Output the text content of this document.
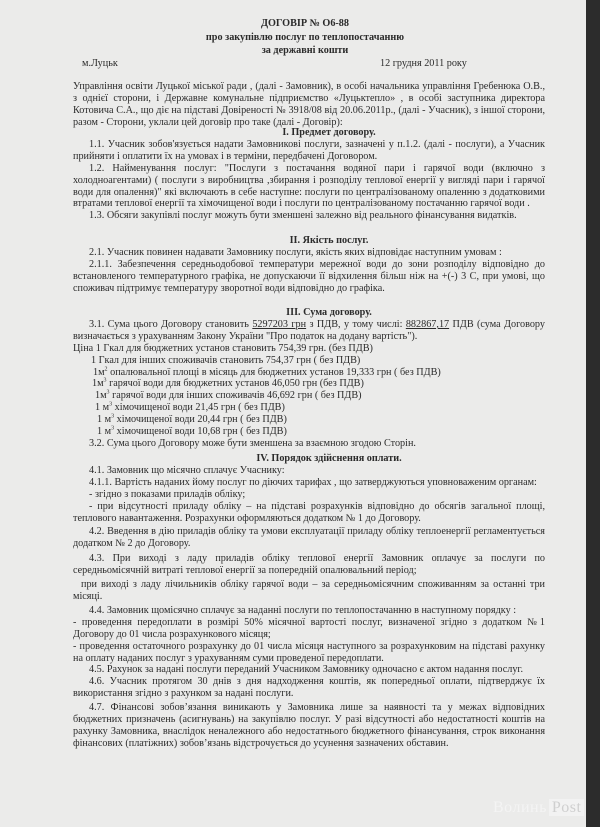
ДОГОВІР № О6-88
про закупівлю послуг по теплопостачанню
за державні кошти
м.Луцьк	12 грудня 2011 року

Управління освіти Луцької міської ради , (далі - Замовник), в особі начальника управління Гребенюка О.В., з однієї сторони, і Державне комунальне підприємство «Луцьктепло» , в особі заступника директора Котовича С.А., що діє на підставі Довіреності № 3918/08 від 20.06.2011р., (далі - Учасник), з іншої сторони, разом - Сторони, уклали цей договір про таке (далі - Договір):

І. Предмет договору.

1.1. Учасник зобов'язується надати Замовникові послуги, зазначені у п.1.2. (далі - послуги), а Учасник прийняти і оплатити їх на умовах і в терміни, передбачені Договором.

1.2. Найменування послуг: "Послуги з постачання водяної пари і гарячої води (включно з холодноагентами) ( послуги з виробництва ,збирання і розподілу теплової енергії у вигляді пари і гарячої води для опалення)" які включають в себе наступне: послуги по централізованому опаленню з додатковими втратами теплової енергії та хімочищеної води і послуги по централізованому постачанню гарячої води .

1.3. Обсяги закупівлі послуг можуть бути зменшені залежно від реального фінансування видатків.

ІІ. Якість послуг.

2.1. Учасник повинен надавати Замовнику послуги, якість яких відповідає наступним умовам :

2.1.1. Забезпечення середньодобової температури мережної води до зони розподілу відповідно до встановленого температурного графіка, не допускаючи її відхилення більш ніж на +(-) 3 С, при умові, що споживач підтримує температуру зворотної води відповідно до графіка.

ІІІ. Сума договору.

3.1. Сума цього Договору становить 5297203 грн з ПДВ, у тому числі: 882867,17 ПДВ (сума Договору визначається з урахуванням Закону України "Про податок на додану вартість").

Ціна 1 Гкал для бюджетних установ становить 754,39 грн. (без ПДВ)

1 Гкал для інших споживачів становить 754,37 грн ( без ПДВ)

$1м^2$ опалювальної площі в місяць для бюджетних установ 19,333 грн ( без ПДВ)

$1м^3$ гарячої води для бюджетних установ 46,050 грн (без ПДВ)

$1м^3$ гарячої води для інших споживачів 46,692 грн ( без ПДВ)

1 $м^3$ хімочищеної води 21,45 грн ( без ПДВ)

1 $м^3$ хімочищеної води 20,44 грн ( без ПДВ)

1 $м^3$ хімочищеної води 10,68 грн ( без ПДВ)

3.2. Сума цього Договору може бути зменшена за взаємною згодою Сторін.

ІV. Порядок здійснення оплати.

4.1. Замовник що місячно сплачує Учаснику:

4.1.1. Вартість наданих йому послуг по діючих тарифах , що затверджуються уповноваженим органам:

- згідно з показами приладів обліку;

- при відсутності приладу обліку – на підставі розрахунків відповідно до обсягів загальної площі, теплового навантаження. Розрахунки оформляються додатком № 1 до Договору.

4.2. Введення в дію приладів обліку та умови експлуатації приладу обліку теплоенергії регламентується додатком № 2 до Договору.

4.3. При виході з ладу приладів обліку теплової енергії Замовник оплачує за послуги по середньомісячній витраті теплової енергії за попередній опалювальний період;

при виході з ладу лічильників обліку гарячої води – за середньомісячним споживанням за останні три місяці.

4.4. Замовник щомісячно сплачує за наданні послуги по теплопостачанню в наступному порядку :

- проведення передоплати в розмірі 50% місячної вартості послуг, визначеної згідно з додатком №1 Договору до 01 числа розрахункового місяця;

- проведення остаточного розрахунку до 01 числа місяця наступного за розрахунковим на підставі рахунку на оплату наданих послуг з урахуванням суми проведеної передоплати.

4.5. Рахунок за надані послуги переданий Учасником Замовнику одночасно є актом надання послуг.

4.6. Учасник протягом 30 днів з дня надходження коштів, як попередньої оплати, підтверджує їх використання згідно з рахунком за надані послуги.

4.7. Фінансові зобов’язання виникають у Замовника лише за наявності та у межах відповідних бюджетних призначень (асигнувань) на закупівлю послуг. У разі відсутності або недостатності коштів на рахунку Замовника, внаслідок неналежного або недостатнього бюджетного фінансування, строк виконання фінансових (платіжних) зобов’язань відстрочується до усунення зазначених обставин.

Волинь Post
